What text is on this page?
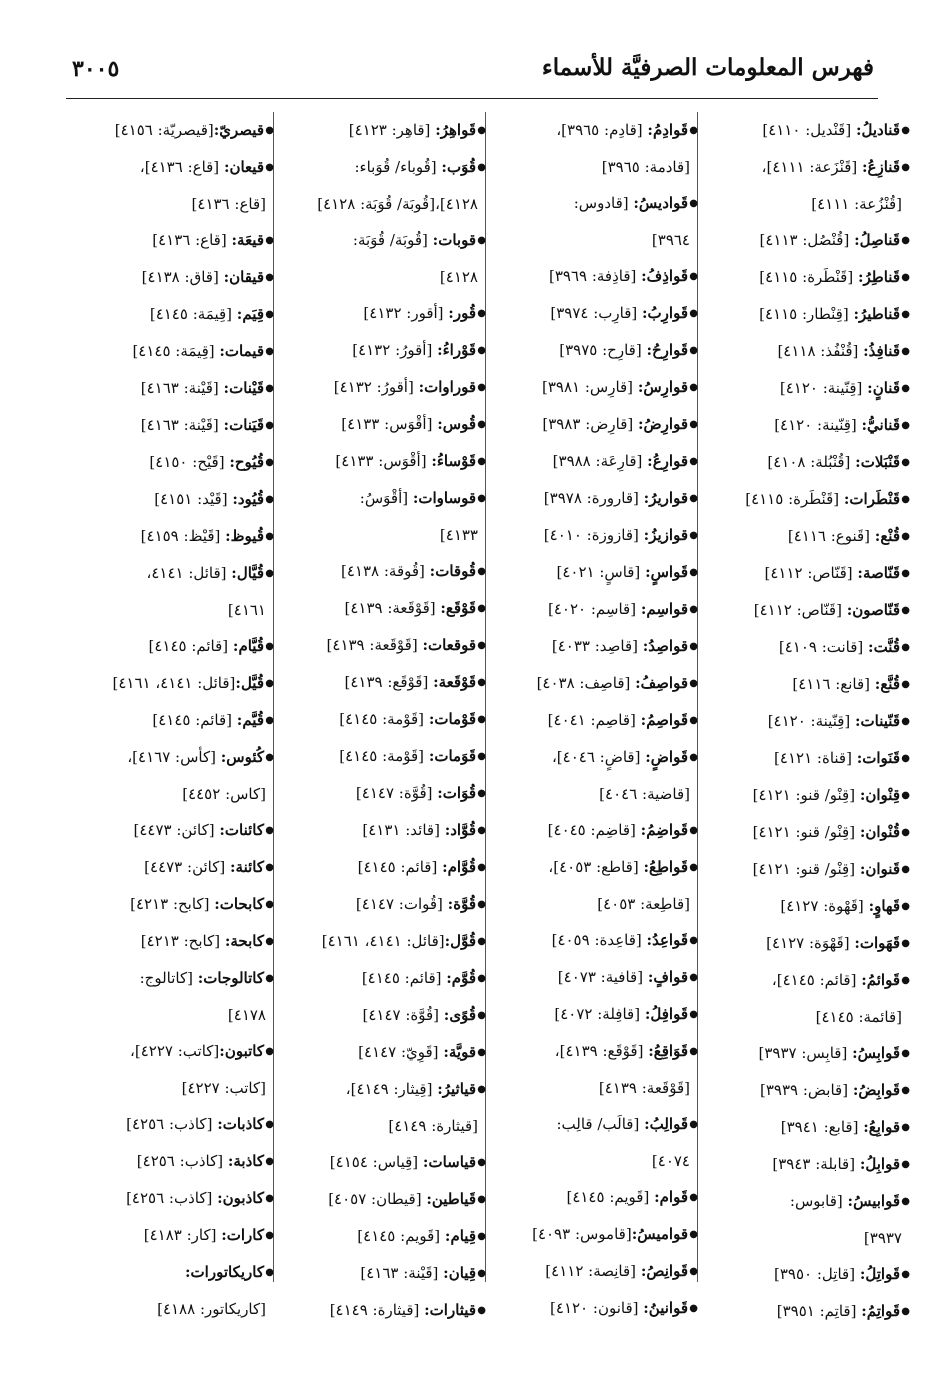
فهرس المعلومات الصرفيَّة للأسماء
٣٠٠٥
●قَناديلُ: [قَنْديل: ٤١١٠]
●قَنازِعُ: [قَنْزَعة: ٤١١١]،
[قُنْزُعة: ٤١١١]
●قَناصِلُ: [قُنْصُل: ٤١١٣]
●قَناطِرُ: [قَنْطَرة: ٤١١٥]
●قَناطيرُ: [قِنْطار: ٤١١٥]
●قَنافِذُ: [قُنْفُذ: ٤١١٨]
●قَنانٍ: [قِنّينة: ٤١٢٠]
●قَنانيُّ: [قِنّينة: ٤١٢٠]
●قَنْبَلات: [قُنْبُلة: ٤١٠٨]
●قَنْطَرات: [قَنْطَرة: ٤١١٥]
●قُنْع: [قَنوع: ٤١١٦]
●قَنّاصة: [قَنّاص: ٤١١٢]
●قَنّاصون: [قَنّاص: ٤١١٢]
●قُنَّت: [قانت: ٤١٠٩]
●قُنَّع: [قانع: ٤١١٦]
●قَنّينات: [قِنّينة: ٤١٢٠]
●قَنَوات: [قناة: ٤١٢١]
●قِنْوان: [قِنْو/ قنو: ٤١٢١]
●قُنْوان: [قِنْو/ قنو: ٤١٢١]
●قَنوان: [قِنْو/ قنو: ٤١٢١]
●قَهاوٍ: [قَهْوة: ٤١٢٧]
●قَهَوات: [قَهْوَة: ٤١٢٧]
●قَوائمُ: [قائم: ٤١٤٥]،
[قائمة: ٤١٤٥]
●قَوابِسُ: [قابِس: ٣٩٣٧]
●قَوابِضُ: [قابض: ٣٩٣٩]
●قوابِعُ: [قابع: ٣٩٤١]
●قوابِلُ: [قابلة: ٣٩٤٣]
●قَوابيسُ: [قابوس:
٣٩٣٧]
●قَواتِلُ: [قاتِل: ٣٩٥٠]
●قَواتِمُ: [قاتِم: ٣٩٥١]
●قَوادِمُ: [قادِم: ٣٩٦٥]،
[قادمة: ٣٩٦٥]
●قَواديسُ: [قادوس:
٣٩٦٤]
●قَواذِفُ: [قاذِفة: ٣٩٦٩]
●قَوارِبُ: [قارِب: ٣٩٧٤]
●قَوارِحُ: [قارِح: ٣٩٧٥]
●قوارِسُ: [قارِس: ٣٩٨١]
●قوارِضُ: [قارِض: ٣٩٨٣]
●قوارِعُ: [قارِعَة: ٣٩٨٨]
●قواريرُ: [قارورة: ٣٩٧٨]
●قوازيزُ: [قازوزة: ٤٠١٠]
●قَواسٍ: [قاسٍ: ٤٠٢١]
●قواسِم: [قاسِم: ٤٠٢٠]
●قواصِدُ: [قاصِد: ٤٠٣٣]
●قواصِفُ: [قاصِف: ٤٠٣٨]
●قَواصِمُ: [قاصِم: ٤٠٤١]
●قَواضٍ: [قاضٍ: ٤٠٤٦]،
[قاضية: ٤٠٤٦]
●قَواضِمُ: [قاضِم: ٤٠٤٥]
●قَواطِعُ: [قاطع: ٤٠٥٣]،
[قاطِعة: ٤٠٥٣]
●قَواعِدُ: [قاعِدة: ٤٠٥٩]
●قوافٍ: [قافية: ٤٠٧٣]
●قَوافِلُ: [قافِلة: ٤٠٧٢]
●قَوَاقِعُ: [قَوْقَع: ٤١٣٩]،
[قَوْقَعة: ٤١٣٩]
●قَوالِبُ: [قالَب/ قالِب:
٤٠٧٤]
●قَوام: [قَويم: ٤١٤٥]
●قواميسُ:[قاموس: ٤٠٩٣]
●قَوانِصُ: [قانِصة: ٤١١٢]
●قَوانينُ: [قانون: ٤١٢٠]
●قَواهِرُ: [قاهِر: ٤١٢٣]
●قُوَب: [قُوباء/ قُوَباء:
٤١٢٨]،[قُوبَة/ قُوَبَة: ٤١٢٨]
●قوبات: [قُوبَة/ قُوَبَة:
٤١٢٨]
●قُور: [أقور: ٤١٣٢]
●قَوْراءُ: [أقورُ: ٤١٣٢]
●قوراوات: [أقورُ: ٤١٣٢]
●قُوس: [أقْوَس: ٤١٣٣]
●قَوْساءُ: [أقْوَس: ٤١٣٣]
●قوساوات: [أقْوَسُ:
٤١٣٣]
●قُوقات: [قُوقة: ٤١٣٨]
●قَوْقَع: [قَوْقَعة: ٤١٣٩]
●قوقعات: [قَوْقَعة: ٤١٣٩]
●قَوْقَعة: [قَوْقَع: ٤١٣٩]
●قَوْمات: [قَوْمة: ٤١٤٥]
●قَوَمات: [قَوْمة: ٤١٤٥]
●قُوَات: [قُوَّة: ٤١٤٧]
●قُوَّاد: [قائد: ٤١٣١]
●قُوَّام: [قائم: ٤١٤٥]
●قُوَّة: [قُوات: ٤١٤٧]
●قُوَّل:[قائل: ٤١٤١، ٤١٦١]
●قُوَّم: [قائم: ٤١٤٥]
●قُوًى: [قُوَّة: ٤١٤٧]
●قويَّة: [قَوِيّ: ٤١٤٧]
●قياثيرُ: [قِيثار: ٤١٤٩]،
[قيثارة: ٤١٤٩]
●قياسات: [قِياس: ٤١٥٤]
●قَياطين: [قيطان: ٤٠٥٧]
●قِيام: [قَويم: ٤١٤٥]
●قِيان: [قَيْنة: ٤١٦٣]
●قيثارات: [قيثارة: ٤١٤٩]
●قيصريّ:[قيصريّة: ٤١٥٦]
●قيعان: [قاع: ٤١٣٦]،
[قاع: ٤١٣٦]
●قيعَة: [قاع: ٤١٣٦]
●قيقان: [قاق: ٤١٣٨]
●قِيَم: [قِيمَة: ٤١٤٥]
●قيمات: [قِيمَة: ٤١٤٥]
●قَيْنات: [قَيْنة: ٤١٦٣]
●قَيَنات: [قَيْنة: ٤١٦٣]
●قُيُوح: [قَيْح: ٤١٥٠]
●قُيُود: [قَيْد: ٤١٥١]
●قُيوظ: [قَيْظ: ٤١٥٩]
●قُيَّال: [قائل: ٤١٤١،
٤١٦١]
●قُيَّام: [قائم: ٤١٤٥]
●قُيَّل:[قائل: ٤١٤١، ٤١٦١]
●قُيَّم: [قائم: ٤١٤٥]
●كُئوس: [كأس: ٤١٦٧]،
[كاس: ٤٤٥٢]
●كائنات: [كائن: ٤٤٧٣]
●كائنة: [كائن: ٤٤٧٣]
●كابحات: [كابح: ٤٢١٣]
●كابحة: [كابح: ٤٢١٣]
●كاتالوجات: [كاتالوج:
٤١٧٨]
●كاتبون:[كاتب: ٤٢٢٧]،
[كاتب: ٤٢٢٧]
●كاذبات: [كاذب: ٤٢٥٦]
●كاذبة: [كاذب: ٤٢٥٦]
●كاذبون: [كاذب: ٤٢٥٦]
●كارات: [كار: ٤١٨٣]
●كاريكاتورات:
[كاريكاتور: ٤١٨٨]
